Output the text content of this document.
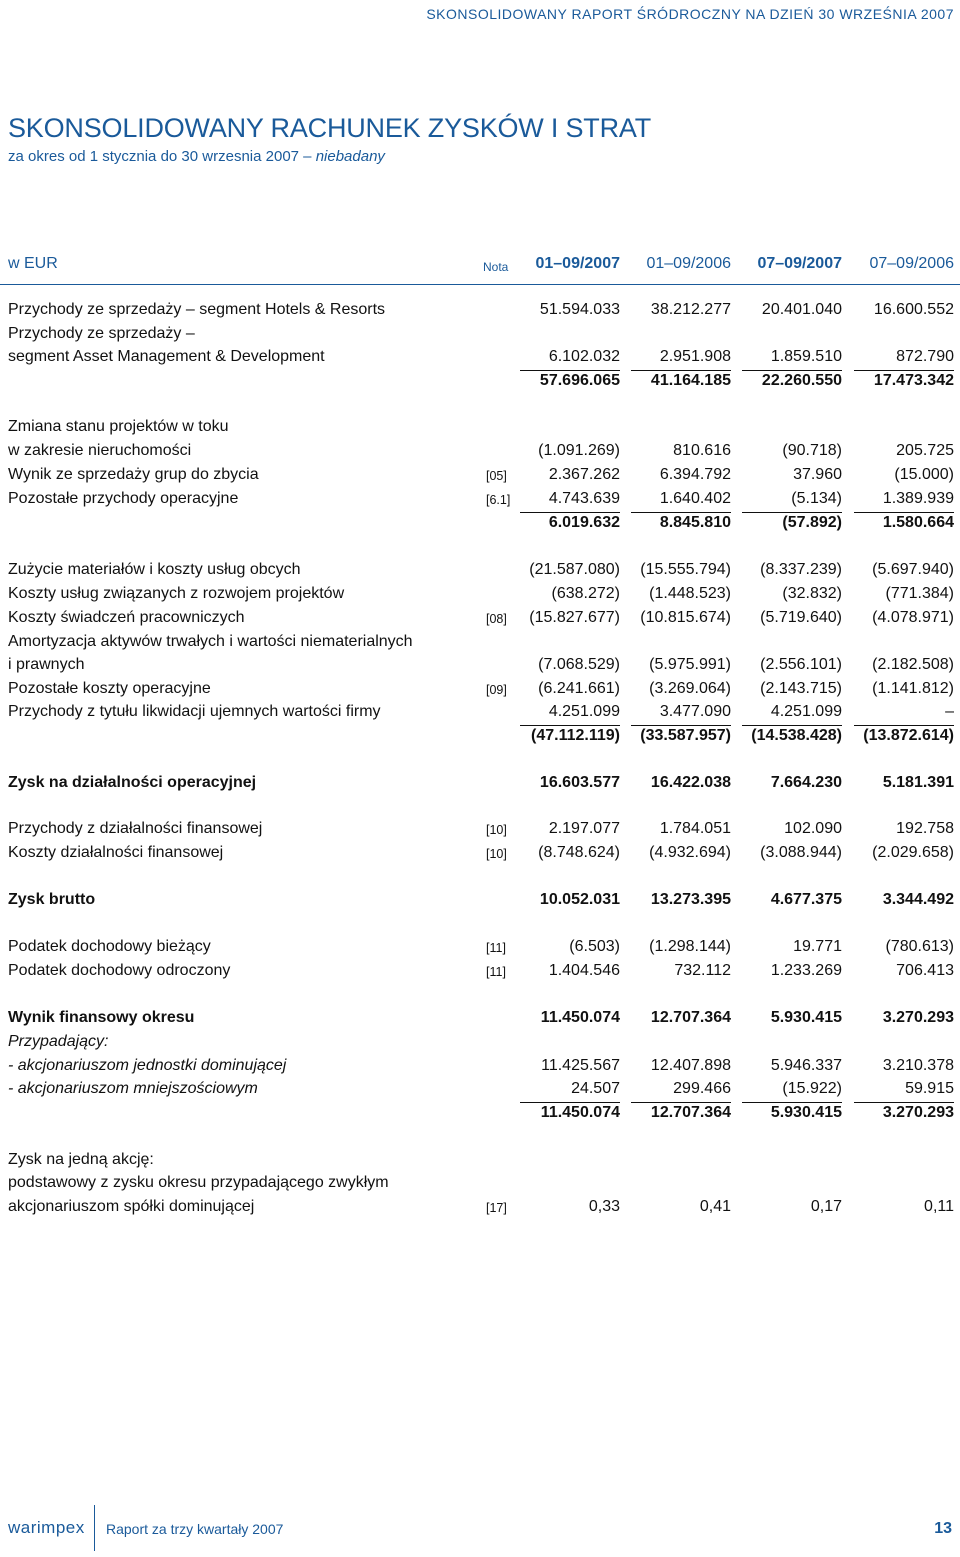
SKONSOLIDOWANY RAPORT ŚRÓDROCZNY NA DZIEŃ 30 WRZEŚNIA 2007
SKONSOLIDOWANY RACHUNEK ZYSKÓW I STRAT
za okres od 1 stycznia do 30 wrzesnia 2007 – niebadany
w EUR	Nota	01–09/2007	01–09/2006	07–09/2007	07–09/2006
Przychody ze sprzedaży – segment Hotels & Resorts	51.594.033	38.212.277	20.401.040	16.600.552
Przychody ze sprzedaży –
segment Asset Management & Development	6.102.032	2.951.908	1.859.510	872.790
57.696.065	41.164.185	22.260.550	17.473.342
Zmiana stanu projektów w toku
w zakresie nieruchomości	(1.091.269)	810.616	(90.718)	205.725
Wynik ze sprzedaży grup do zbycia	[05]	2.367.262	6.394.792	37.960	(15.000)
Pozostałe przychody operacyjne	[6.1]	4.743.639	1.640.402	(5.134)	1.389.939
6.019.632	8.845.810	(57.892)	1.580.664
Zużycie materiałów i koszty usług obcych	(21.587.080)	(15.555.794)	(8.337.239)	(5.697.940)
Koszty usług związanych z rozwojem projektów	(638.272)	(1.448.523)	(32.832)	(771.384)
Koszty świadczeń pracowniczych	[08]	(15.827.677)	(10.815.674)	(5.719.640)	(4.078.971)
Amortyzacja aktywów trwałych i wartości niematerialnych
i prawnych	(7.068.529)	(5.975.991)	(2.556.101)	(2.182.508)
Pozostałe koszty operacyjne	[09]	(6.241.661)	(3.269.064)	(2.143.715)	(1.141.812)
Przychody z tytułu likwidacji ujemnych wartości firmy	4.251.099	3.477.090	4.251.099	–
(47.112.119)	(33.587.957)	(14.538.428)	(13.872.614)
Zysk na działalności operacyjnej	16.603.577	16.422.038	7.664.230	5.181.391
Przychody z działalności finansowej	[10]	2.197.077	1.784.051	102.090	192.758
Koszty działalności finansowej	[10]	(8.748.624)	(4.932.694)	(3.088.944)	(2.029.658)
Zysk brutto	10.052.031	13.273.395	4.677.375	3.344.492
Podatek dochodowy bieżący	[11]	(6.503)	(1.298.144)	19.771	(780.613)
Podatek dochodowy odroczony	[11]	1.404.546	732.112	1.233.269	706.413
Wynik finansowy okresu	11.450.074	12.707.364	5.930.415	3.270.293
Przypadający:
- akcjonariuszom jednostki dominującej	11.425.567	12.407.898	5.946.337	3.210.378
- akcjonariuszom mniejszościowym	24.507	299.466	(15.922)	59.915
11.450.074	12.707.364	5.930.415	3.270.293
Zysk na jedną akcję:
podstawowy z zysku okresu przypadającego zwykłym
akcjonariuszom spółki dominującej	[17]	0,33	0,41	0,17	0,11
warimpex Raport za trzy kwartały 2007	13
